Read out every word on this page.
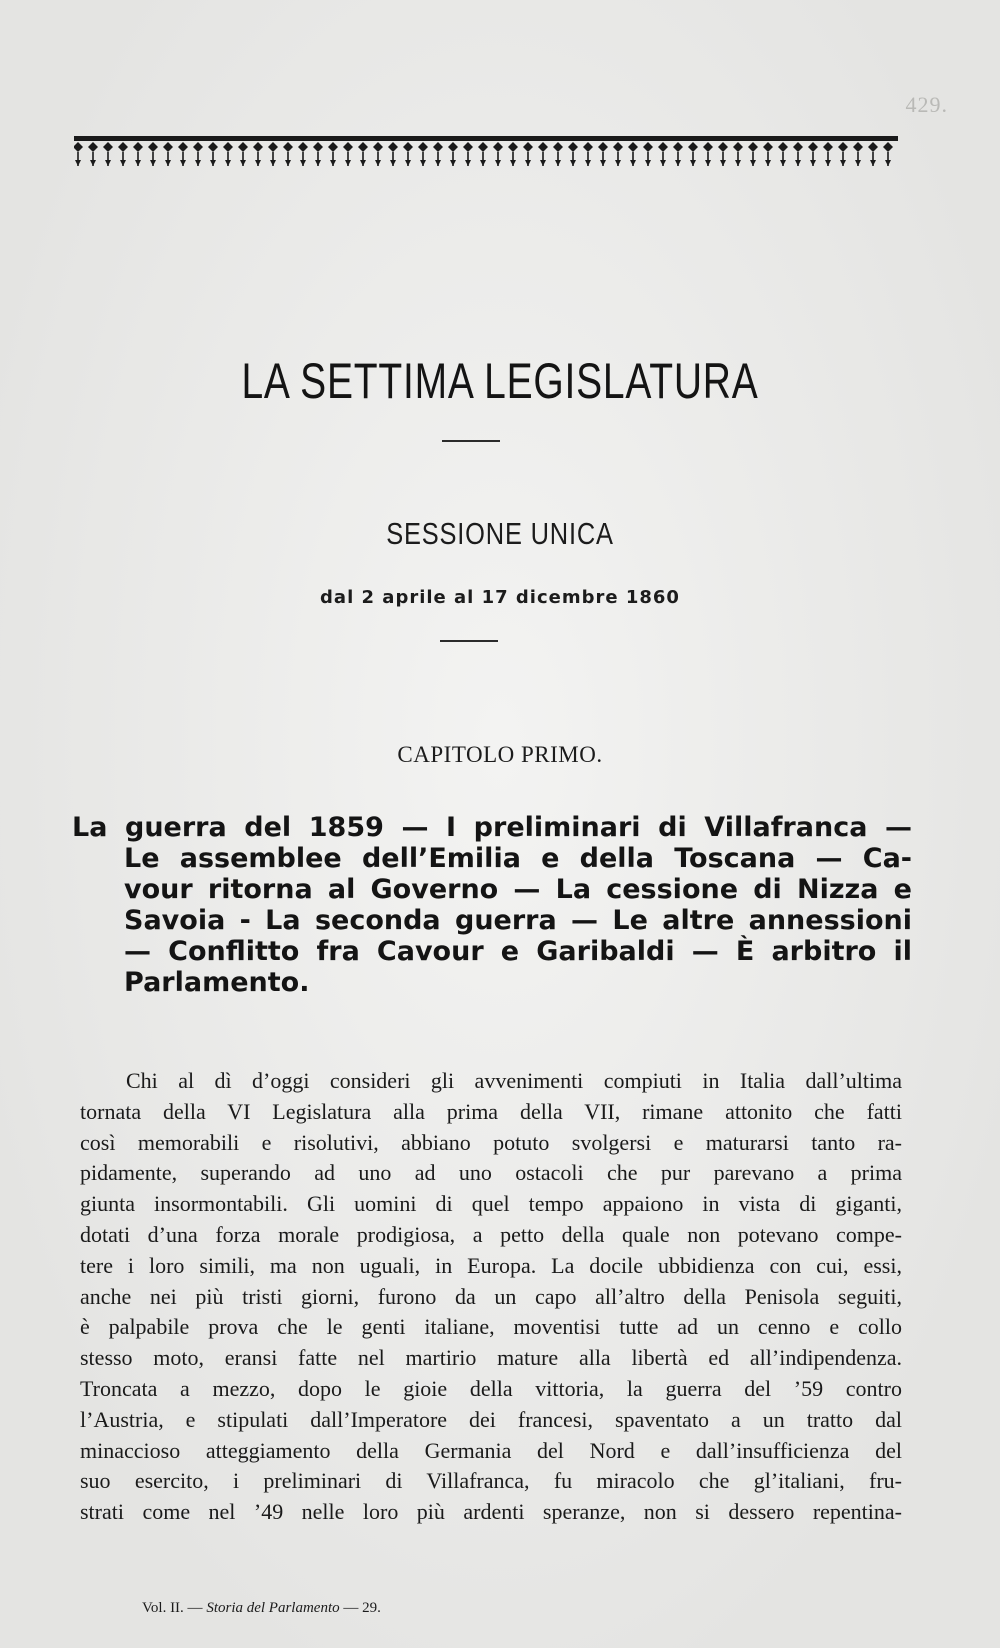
429.
LA SETTIMA LEGISLATURA
SESSIONE UNICA
dal 2 aprile al 17 dicembre 1860
CAPITOLO PRIMO.
La guerra del 1859 — I preliminari di Villafranca —
Le assemblee dell’Emilia e della Toscana — Ca-
vour ritorna al Governo — La cessione di Nizza e
Savoia - La seconda guerra — Le altre annessioni
— Conflitto fra Cavour e Garibaldi — È arbitro il
Parlamento.
Chi al dì d’oggi consideri gli avvenimenti compiuti in Italia dall’ultima
tornata della VI Legislatura alla prima della VII, rimane attonito che fatti
così memorabili e risolutivi, abbiano potuto svolgersi e maturarsi tanto ra-
pidamente, superando ad uno ad uno ostacoli che pur parevano a prima
giunta insormontabili. Gli uomini di quel tempo appaiono in vista di giganti,
dotati d’una forza morale prodigiosa, a petto della quale non potevano compe-
tere i loro simili, ma non uguali, in Europa. La docile ubbidienza con cui, essi,
anche nei più tristi giorni, furono da un capo all’altro della Penisola seguiti,
è palpabile prova che le genti italiane, moventisi tutte ad un cenno e collo
stesso moto, eransi fatte nel martirio mature alla libertà ed all’indipendenza.
Troncata a mezzo, dopo le gioie della vittoria, la guerra del ’59 contro
l’Austria, e stipulati dall’Imperatore dei francesi, spaventato a un tratto dal
minaccioso atteggiamento della Germania del Nord e dall’insufficienza del
suo esercito, i preliminari di Villafranca, fu miracolo che gl’italiani, fru-
strati come nel ’49 nelle loro più ardenti speranze, non si dessero repentina-
Vol. II. — Storia del Parlamento — 29.
